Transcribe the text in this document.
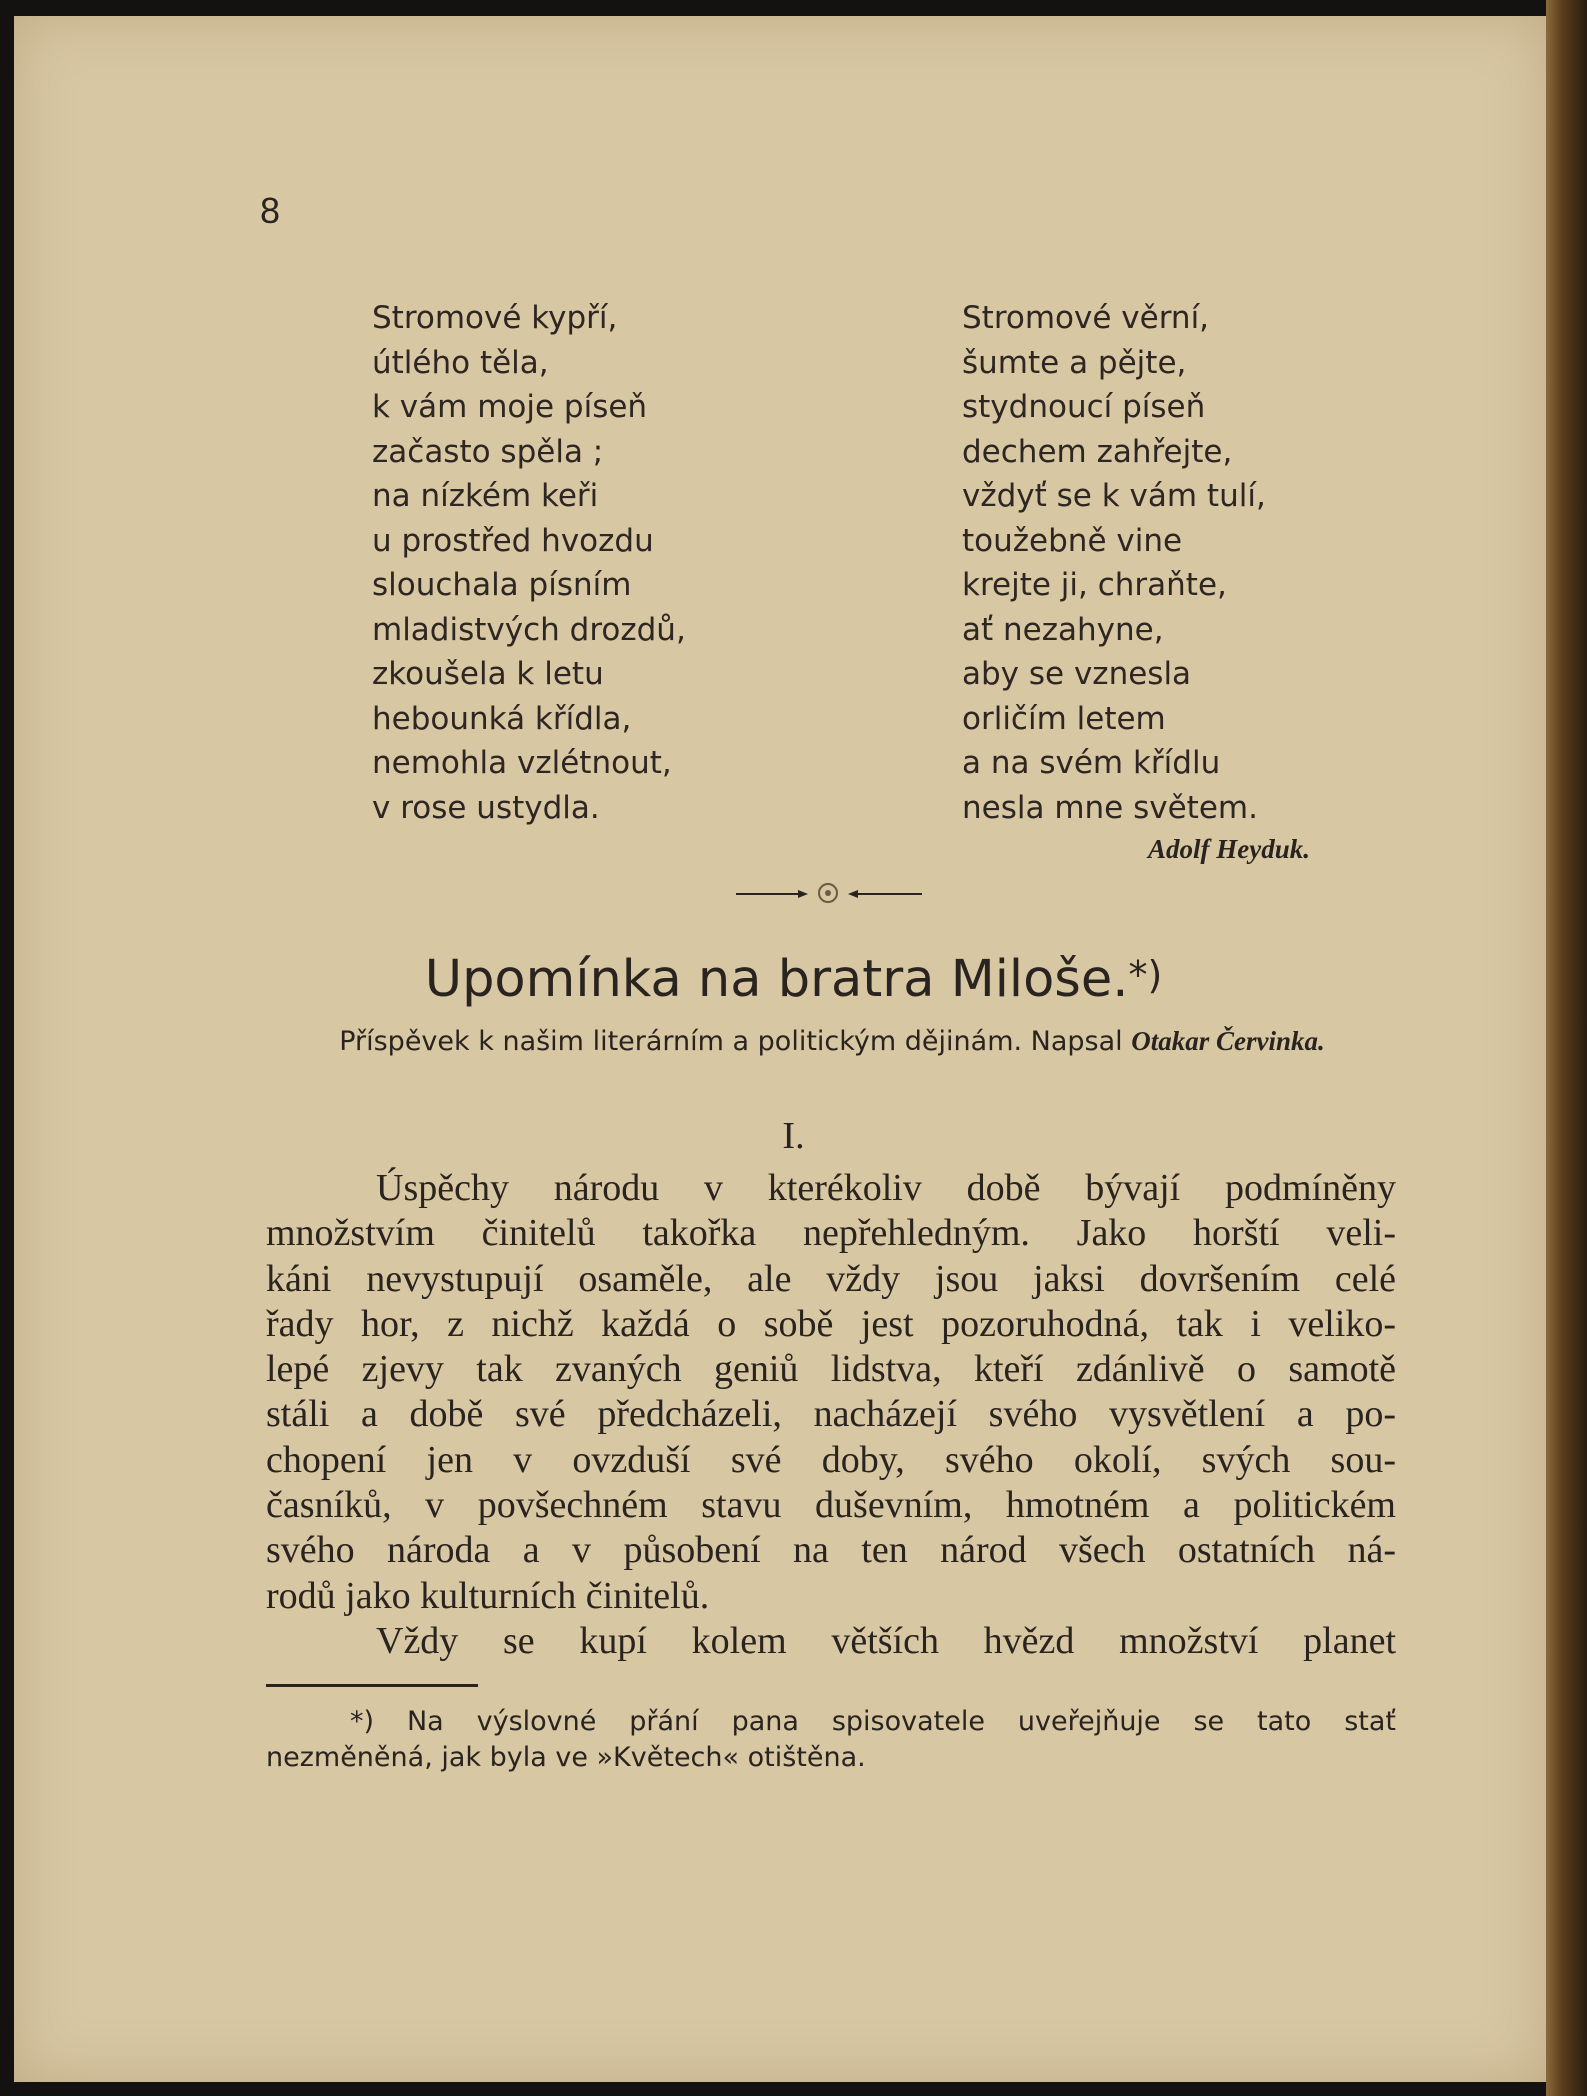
8
Stromové kypří,
útlého těla,
k vám moje píseň
začasto spěla ;
na nízkém keři
u prostřed hvozdu
slouchala písním
mladistvých drozdů,
zkoušela k letu
hebounká křídla,
nemohla vzlétnout,
v rose ustydla.
Stromové věrní,
šumte a pějte,
stydnoucí píseň
dechem zahřejte,
vždyť se k vám tulí,
toužebně vine
krejte ji, chraňte,
ať nezahyne,
aby se vznesla
orličím letem
a na svém křídlu
nesla mne světem.
Adolf Heyduk.
Upomínka na bratra Miloše.*)
Příspěvek k našim literárním a politickým dějinám. Napsal Otakar Červinka.
I.

Úspěchy národu v kterékoliv době bývají podmíněny

množstvím činitelů takořka nepřehledným. Jako horští veli-
káni nevystupují osaměle, ale vždy jsou jaksi dovršením celé
řady hor, z nichž každá o sobě jest pozoruhodná, tak i veliko-
lepé zjevy tak zvaných geniů lidstva, kteří zdánlivě o samotě
stáli a době své předcházeli, nacházejí svého vysvětlení a po-
chopení jen v ovzduší své doby, svého okolí, svých sou-
časníků, v povšechném stavu duševním, hmotném a politickém
svého národa a v působení na ten národ všech ostatních ná-
rodů jako kulturních činitelů.

Vždy se kupí kolem větších hvězd množství planet

*) Na výslovné přání pana spisovatele uveřejňuje se tato stať
nezměněná, jak byla ve »Květech« otištěna.
